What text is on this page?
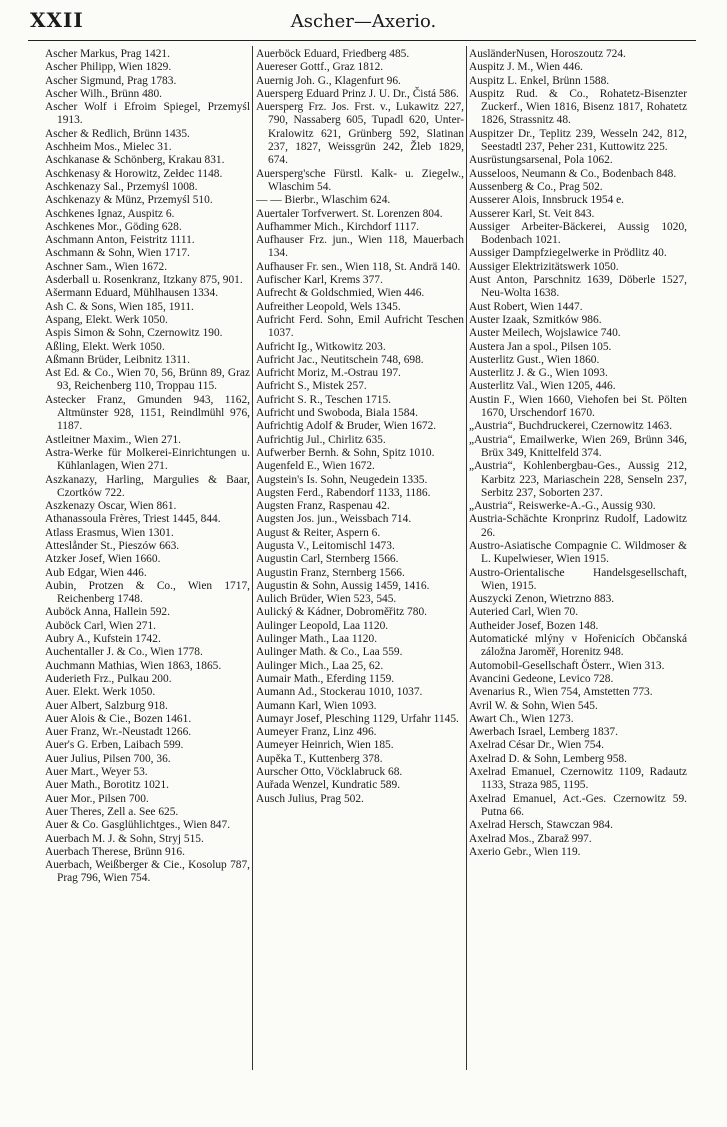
XXII	Ascher—Axerio.

Ascher Markus, Prag 1421.

Ascher Philipp, Wien 1829.

Ascher Sigmund, Prag 1783.

Ascher Wilh., Brünn 480.

Ascher Wolf i Efroim Spiegel, Przemyśl 1913.

Ascher & Redlich, Brünn 1435.

Aschheim Mos., Mielec 31.

Aschkanase & Schönberg, Krakau 831.

Aschkenasy & Horowitz, Zełdec 1148.

Aschkenazy Sal., Przemyśl 1008.

Aschkenazy & Münz, Przemyśl 510.

Aschkenes Ignaz, Auspitz 6.

Aschkenes Mor., Göding 628.

Aschmann Anton, Feistritz 1111.

Aschmann & Sohn, Wien 1717.

Aschner Sam., Wien 1672.

Asderball u. Rosenkranz, Itzkany 875, 901.

Ašermann Eduard, Mühlhausen 1334.

Ash C. & Sons, Wien 185, 1911.

Aspang, Elekt. Werk 1050.

Aspis Simon & Sohn, Czernowitz 190.

Aßling, Elekt. Werk 1050.

Aßmann Brüder, Leibnitz 1311.

Ast Ed. & Co., Wien 70, 56, Brünn 89, Graz 93, Reichenberg 110, Troppau 115.

Astecker Franz, Gmunden 943, 1162, Altmünster 928, 1151, Reindlmühl 976, 1187.

Astleitner Maxim., Wien 271.

Astra-Werke für Molkerei-Einrichtungen u. Kühlanlagen, Wien 271.

Aszkanazy, Harling, Margulies & Baar, Czortków 722.

Aszkenazy Oscar, Wien 861.

Athanassoula Frères, Triest 1445, 844.

Atlass Erasmus, Wien 1301.

Atteslånder St., Pieszów 663.

Atzker Josef, Wien 1660.

Aub Edgar, Wien 446.

Aubin, Protzen & Co., Wien 1717, Reichenberg 1748.

Auböck Anna, Hallein 592.

Auböck Carl, Wien 271.

Aubry A., Kufstein 1742.

Auchentaller J. & Co., Wien 1778.

Auchmann Mathias, Wien 1863, 1865.

Auderieth Frz., Pulkau 200.

Auer. Elekt. Werk 1050.

Auer Albert, Salzburg 918.

Auer Alois & Cie., Bozen 1461.

Auer Franz, Wr.-Neustadt 1266.

Auer's G. Erben, Laibach 599.

Auer Julius, Pilsen 700, 36.

Auer Mart., Weyer 53.

Auer Math., Borotitz 1021.

Auer Mor., Pilsen 700.

Auer Theres, Zell a. See 625.

Auer & Co. Gasglühlichtges., Wien 847.

Auerbach M. J. & Sohn, Stryj 515.

Auerbach Therese, Brünn 916.

Auerbach, Weißberger & Cie., Kosolup 787, Prag 796, Wien 754.

Auerböck Eduard, Friedberg 485.

Auereser Gottf., Graz 1812.

Auernig Joh. G., Klagenfurt 96.

Auersperg Eduard Prinz J. U. Dr., Čistá 586.

Auersperg Frz. Jos. Frst. v., Lukawitz 227, 790, Nassaberg 605, Tupadl 620, Unter-Kralowitz 621, Grünberg 592, Slatinan 237, 1827, Weissgrün 242, Žleb 1829, 674.

Auersperg'sche Fürstl. Kalk- u. Ziegelw., Wlaschim 54.

— — Bierbr., Wlaschim 624.

Auertaler Torfverwert. St. Lorenzen 804.

Aufhammer Mich., Kirchdorf 1117.

Aufhauser Frz. jun., Wien 118, Mauerbach 134.

Aufhauser Fr. sen., Wien 118, St. Andrä 140.

Aufischer Karl, Krems 377.

Aufrecht & Goldschmied, Wien 446.

Aufreither Leopold, Wels 1345.

Aufricht Ferd. Sohn, Emil Aufricht Teschen 1037.

Aufricht Ig., Witkowitz 203.

Aufricht Jac., Neutitschein 748, 698.

Aufricht Moriz, M.-Ostrau 197.

Aufricht S., Mistek 257.

Aufricht S. R., Teschen 1715.

Aufricht und Swoboda, Biala 1584.

Aufrichtig Adolf & Bruder, Wien 1672.

Aufrichtig Jul., Chirlitz 635.

Aufwerber Bernh. & Sohn, Spitz 1010.

Augenfeld E., Wien 1672.

Augstein's Is. Sohn, Neugedein 1335.

Augsten Ferd., Rabendorf 1133, 1186.

Augsten Franz, Raspenau 42.

Augsten Jos. jun., Weissbach 714.

August & Reiter, Aspern 6.

Augusta V., Leitomischl 1473.

Augustin Carl, Sternberg 1566.

Augustin Franz, Sternberg 1566.

Augustin & Sohn, Aussig 1459, 1416.

Aulich Brüder, Wien 523, 545.

Aulický & Kádner, Dobroměřitz 780.

Aulinger Leopold, Laa 1120.

Aulinger Math., Laa 1120.

Aulinger Math. & Co., Laa 559.

Aulinger Mich., Laa 25, 62.

Aumair Math., Eferding 1159.

Aumann Ad., Stockerau 1010, 1037.

Aumann Karl, Wien 1093.

Aumayr Josef, Plesching 1129, Urfahr 1145.

Aumeyer Franz, Linz 496.

Aumeyer Heinrich, Wien 185.

Aupěka T., Kuttenberg 378.

Aurscher Otto, Vöcklabruck 68.

Auřada Wenzel, Kundratic 589.

Ausch Julius, Prag 502.

AusländerNusen, Horoszoutz 724.

Auspitz J. M., Wien 446.

Auspitz L. Enkel, Brünn 1588.

Auspitz Rud. & Co., Rohatetz-Bisenzter Zuckerf., Wien 1816, Bisenz 1817, Rohatetz 1826, Strassnitz 48.

Auspitzer Dr., Teplitz 239, Wesseln 242, 812, Seestadtl 237, Peher 231, Kuttowitz 225.

Ausrüstungsarsenal, Pola 1062.

Ausseloos, Neumann & Co., Bodenbach 848.

Aussenberg & Co., Prag 502.

Ausserer Alois, Innsbruck 1954 e.

Ausserer Karl, St. Veit 843.

Aussiger Arbeiter-Bäckerei, Aussig 1020, Bodenbach 1021.

Aussiger Dampfziegelwerke in Prödlitz 40.

Aussiger Elektrizitätswerk 1050.

Aust Anton, Parschnitz 1639, Döberle 1527, Neu-Wolta 1638.

Aust Robert, Wien 1447.

Auster Izaak, Szmitków 986.

Auster Meilech, Wojslawice 740.

Austera Jan a spol., Pilsen 105.

Austerlitz Gust., Wien 1860.

Austerlitz J. & G., Wien 1093.

Austerlitz Val., Wien 1205, 446.

Austin F., Wien 1660, Viehofen bei St. Pölten 1670, Urschendorf 1670.

„Austria“, Buchdruckerei, Czernowitz 1463.

„Austria“, Emailwerke, Wien 269, Brünn 346, Brüx 349, Knittelfeld 374.

„Austria“, Kohlenbergbau-Ges., Aussig 212, Karbitz 223, Mariaschein 228, Senseln 237, Serbitz 237, Soborten 237.

„Austria“, Reiswerke-A.-G., Aussig 930.

Austria-Schächte Kronprinz Rudolf, Ladowitz 26.

Austro-Asiatische Compagnie C. Wildmoser & L. Kupelwieser, Wien 1915.

Austro-Orientalische Handelsgesellschaft, Wien, 1915.

Auszycki Zenon, Wietrzno 883.

Auteried Carl, Wien 70.

Autheider Josef, Bozen 148.

Automatické mlýny v Hořenicích Občanská záložna Jaroměř, Horenitz 948.

Automobil-Gesellschaft Österr., Wien 313.

Avancini Gedeone, Levico 728.

Avenarius R., Wien 754, Amstetten 773.

Avril W. & Sohn, Wien 545.

Awart Ch., Wien 1273.

Awerbach Israel, Lemberg 1837.

Axelrad César Dr., Wien 754.

Axelrad D. & Sohn, Lemberg 958.

Axelrad Emanuel, Czernowitz 1109, Radautz 1133, Straza 985, 1195.

Axelrad Emanuel, Act.-Ges. Czernowitz 59. Putna 66.

Axelrad Hersch, Stawczan 984.

Axelrad Mos., Zbaraž 997.

Axerio Gebr., Wien 119.
